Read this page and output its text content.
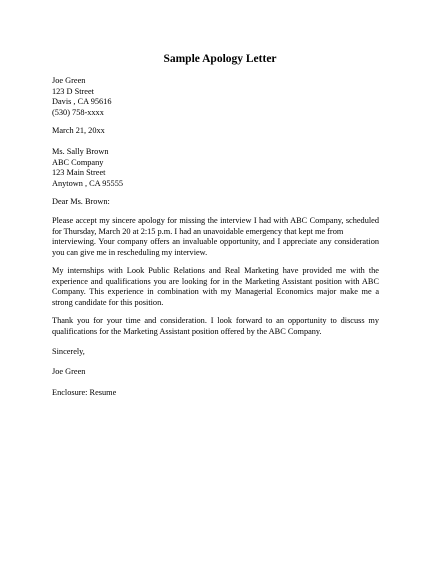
Sample Apology Letter
Joe Green
123 D Street
Davis , CA 95616
(530) 758-xxxx
March 21, 20xx
Ms. Sally Brown
ABC Company
123 Main Street
Anytown , CA 95555
Dear Ms. Brown:
Please accept my sincere apology for missing the interview I had with ABC Company, scheduled
for Thursday, March 20 at 2:15 p.m. I had an unavoidable emergency that kept me from
interviewing. Your company offers an invaluable opportunity, and I appreciate any consideration
you can give me in rescheduling my interview.
My internships with Look Public Relations and Real Marketing have provided me with the
experience and qualifications you are looking for in the Marketing Assistant position with ABC
Company. This experience in combination with my Managerial Economics major make me a
strong candidate for this position.
Thank you for your time and consideration. I look forward to an opportunity to discuss my
qualifications for the Marketing Assistant position offered by the ABC Company.
Sincerely,
Joe Green
Enclosure: Resume
